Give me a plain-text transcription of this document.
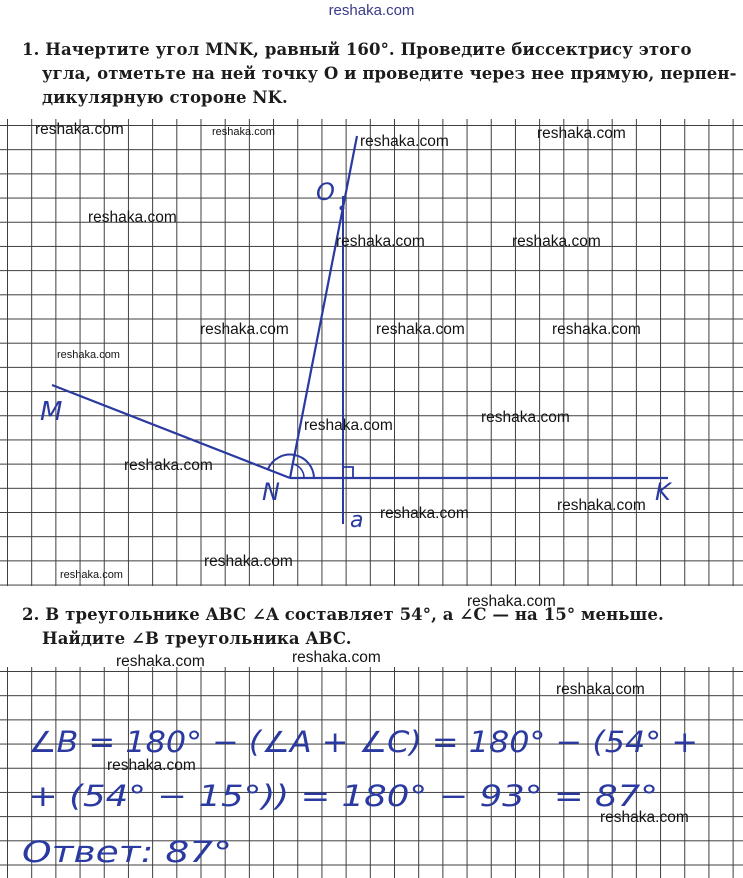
reshaka.com
1. Начертите угол MNK, равный 160°. Проведите биссектрису этого
угла, отметьте на ней точку O и проведите через нее прямую, перпен-
дикулярную стороне NK.
M
N	K
O
a
2. В треугольнике ABC ∠A составляет 54°, а ∠C — на 15° меньше.
Найдите ∠B треугольника ABC.
∠B = 180° − (∠A + ∠C) = 180° − (54° +
+ (54° − 15°)) = 180° − 93° = 87°
Ответ: 87°
reshaka.com	reshaka.com
reshaka.com	reshaka.com
reshaka.com
reshaka.com	reshaka.com
reshaka.com	reshaka.com	reshaka.com
reshaka.com
reshaka.com
reshaka.com
reshaka.com
reshaka.com
reshaka.com
reshaka.com
reshaka.com
reshaka.com
reshaka.com	reshaka.com
reshaka.com
reshaka.com
reshaka.com
